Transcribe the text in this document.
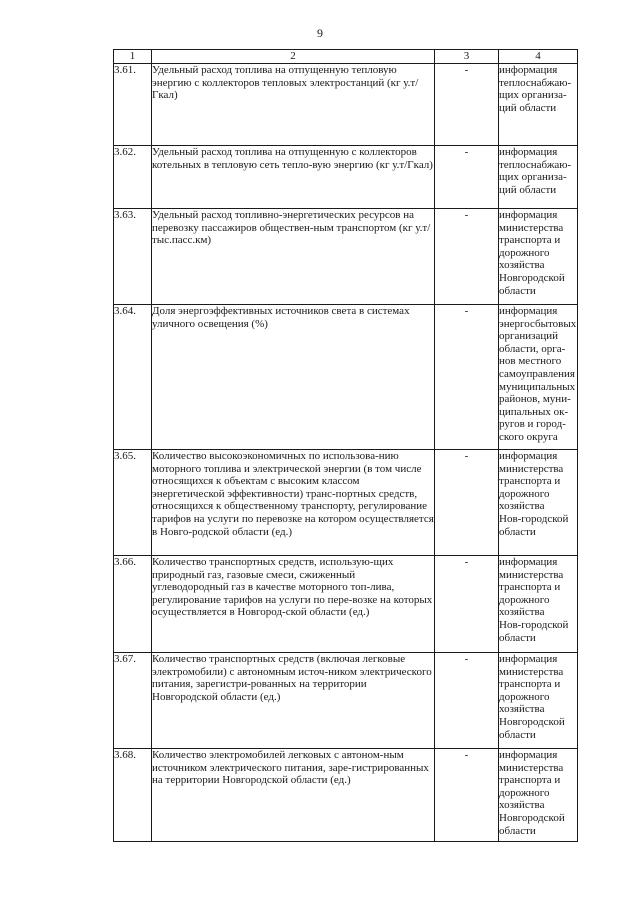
9
1	2	3	4
3.61.	Удельный расход топлива на отпущенную тепловую энергию с коллекторов тепловых электростанций (кг у.т/Гкал)	-	информация теплоснабжаю-щих организа-ций области

3.62.	Удельный расход топлива на отпущенную с коллекторов котельных в тепловую сеть тепло-вую энергию (кг у.т/Гкал)	-	информация теплоснабжаю-щих организа-ций области

3.63.	Удельный расход топливно-энергетических ресурсов на перевозку пассажиров обществен-ным транспортом (кг у.т/тыс.пасс.км)	-	информация министерства транспорта и дорожного хозяйства Новгородской области

3.64.	Доля энергоэффективных источников света в системах уличного освещения (%)	-	информация энергосбытовых организаций области, орга-нов местного самоуправления муниципальных районов, муни-ципальных ок-ругов и город-ского округа

3.65.	Количество высокоэкономичных по использова-нию моторного топлива и электрической энергии (в том числе относящихся к объектам с высоким классом энергетической эффективности) транс-портных средств, относящихся к общественному транспорту, регулирование тарифов на услуги по перевозке на котором осуществляется в Новго-родской области (ед.)	-	информация министерства транспорта и дорожного хозяйства Нов-городской области

3.66.	Количество транспортных средств, использую-щих природный газ, газовые смеси, сжиженный углеводородный газ в качестве моторного топ-лива, регулирование тарифов на услуги по пере-возке на которых осуществляется в Новгород-ской области (ед.)	-	информация министерства транспорта и дорожного хозяйства Нов-городской области

3.67.	Количество транспортных средств (включая легковые электромобили) с автономным источ-ником электрического питания, зарегистри-рованных на территории Новгородской области (ед.)	-	информация министерства транспорта и дорожного хозяйства Новгородской области

3.68.	Количество электромобилей легковых с автоном-ным источником электрического питания, заре-гистрированных на территории Новгородской области (ед.)	-	информация министерства транспорта и дорожного хозяйства Новгородской области
